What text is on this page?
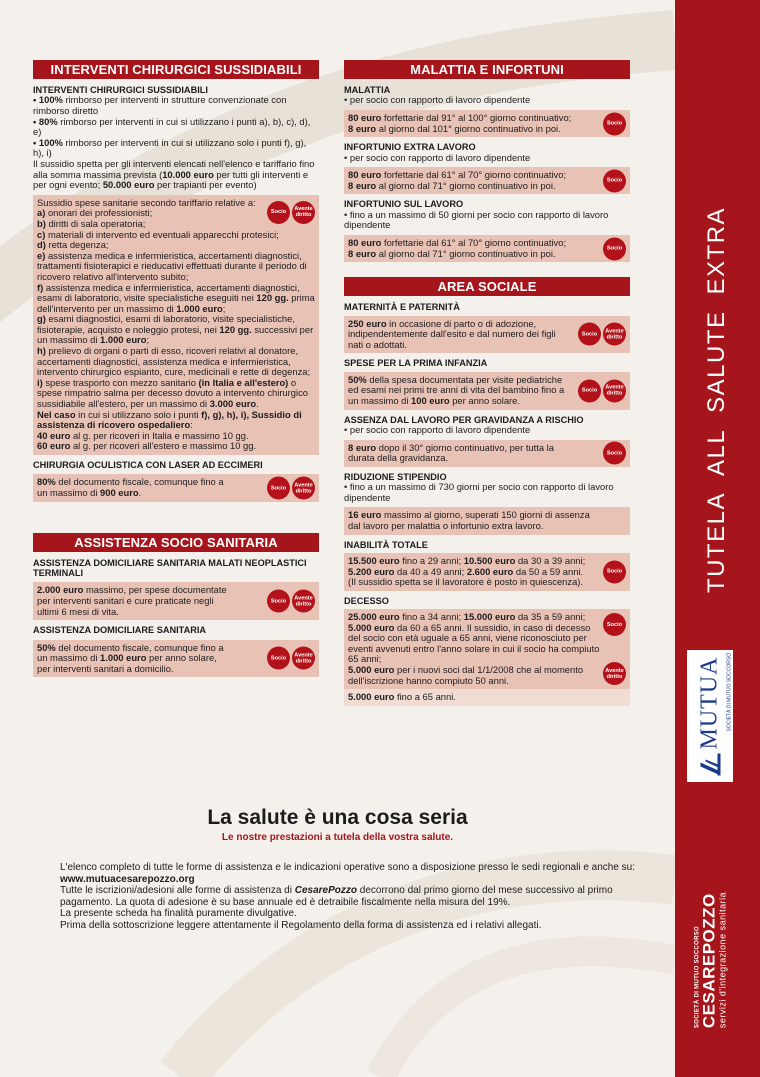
INTERVENTI CHIRURGICI SUSSIDIABILI
INTERVENTI CHIRURGICI SUSSIDIABILI
• 100% rimborso per interventi in strutture convenzionate con rimborso diretto
• 80% rimborso per interventi in cui si utilizzano i punti a), b), c), d), e)
• 100% rimborso per interventi in cui si utilizzano solo i punti f), g), h), i)
Il sussidio spetta per gli interventi elencati nell'elenco e tariffario fino alla somma massima prevista (10.000 euro per tutti gli interventi e per ogni evento; 50.000 euro per trapianti per evento)
Socio	Avente
diritto
Sussidio spese sanitarie secondo tariffario relative a:
a) onorari dei professionisti;
b) diritti di sala operatoria;
c) materiali di intervento ed eventuali apparecchi protesici;
d) retta degenza;
e) assistenza medica e infermieristica, accertamenti diagnostici, trattamenti fisioterapici e rieducativi effettuati durante il periodo di ricovero relativo all'intervento subito;
f) assistenza medica e infermieristica, accertamenti diagnostici, esami di laboratorio, visite specialistiche eseguiti nei 120 gg. prima dell'intervento per un massimo di 1.000 euro;
g) esami diagnostici, esami di laboratorio, visite specialistiche, fisioterapie, acquisto e noleggio protesi, nei 120 gg. successivi per un massimo di 1.000 euro;
h) prelievo di organi o parti di esso, ricoveri relativi al donatore, accertamenti diagnostici, assistenza medica e infermieristica, intervento chirurgico espianto, cure, medicinali e rette di degenza;
i) spese trasporto con mezzo sanitario (in Italia e all'estero) o spese rimpatrio salma per decesso dovuto a intervento chirurgico sussidiabile all'estero, per un massimo di 3.000 euro.
Nel caso in cui si utilizzano solo i punti f), g), h), i), Sussidio di assistenza di ricovero ospedaliero:
40 euro al g. per ricoveri in Italia e massimo 10 gg.
60 euro al g. per ricoveri all'estero e massimo 10 gg.
CHIRURGIA OCULISTICA CON LASER AD ECCIMERI
Socio	Avente
diritto
80% del documento fiscale, comunque fino a un massimo di 900 euro.
ASSISTENZA SOCIO SANITARIA
ASSISTENZA DOMICILIARE SANITARIA MALATI NEOPLASTICI TERMINALI
Socio	Avente
diritto
2.000 euro massimo, per spese documentate per interventi sanitari e cure praticate negli ultimi 6 mesi di vita.
ASSISTENZA DOMICILIARE SANITARIA
Socio	Avente
diritto
50% del documento fiscale, comunque fino a un massimo di 1.000 euro per anno solare, per interventi sanitari a domicilio.
MALATTIA E INFORTUNI
MALATTIA
• per socio con rapporto di lavoro dipendente
Socio
80 euro forfettarie dal 91° al 100° giorno continuativo;
8 euro al giorno dal 101° giorno continuativo in poi.
INFORTUNIO EXTRA LAVORO
• per socio con rapporto di lavoro dipendente
Socio
80 euro forfettarie dal 61° al 70° giorno continuativo;
8 euro al giorno dal 71° giorno continuativo in poi.
INFORTUNIO SUL LAVORO
• fino a un massimo di 50 giorni per socio con rapporto di lavoro dipendente
Socio
80 euro forfettarie dal 61° al 70° giorno continuativo;
8 euro al giorno dal 71° giorno continuativo in poi.
AREA SOCIALE
MATERNITÀ E PATERNITÀ
Socio	Avente
diritto
250 euro in occasione di parto o di adozione, indipendentemente dall'esito e dal numero dei figli nati o adottati.
SPESE PER LA PRIMA INFANZIA
Socio	Avente
diritto
50% della spesa documentata per visite pediatriche ed esami nei primi tre anni di vita del bambino fino a un massimo di 100 euro per anno solare.
ASSENZA DAL LAVORO PER GRAVIDANZA A RISCHIO
• per socio con rapporto di lavoro dipendente
Socio
8 euro dopo il 30° giorno continuativo, per tutta la durata della gravidanza.
RIDUZIONE STIPENDIO
• fino a un massimo di 730 giorni per socio con rapporto di lavoro dipendente
16 euro massimo al giorno, superati 150 giorni di assenza dal lavoro per malattia o infortunio extra lavoro.
INABILITÀ TOTALE
Socio
15.500 euro fino a 29 anni; 10.500 euro da 30 a 39 anni;
5.200 euro da 40 a 49 anni; 2.600 euro da 50 a 59 anni.
(Il sussidio spetta se il lavoratore è posto in quiescenza).
DECESSO
Socio
Avente
diritto
25.000 euro fino a 34 anni; 15.000 euro da 35 a 59 anni;
5.000 euro da 60 a 65 anni. Il sussidio, in caso di decesso del socio con età uguale a 65 anni, viene riconosciuto per eventi avvenuti entro l'anno solare in cui il socio ha compiuto 65 anni;
5.000 euro per i nuovi soci dal 1/1/2008 che al momento dell'iscrizione hanno compiuto 50 anni.
5.000 euro fino a 65 anni.
La salute è una cosa seria
Le nostre prestazioni a tutela della vostra salute.
L'elenco completo di tutte le forme di assistenza e le indicazioni operative sono a disposizione presso le sedi regionali e anche su: www.mutuacesarepozzo.org
Tutte le iscrizioni/adesioni alle forme di assistenza di CesarePozzo decorrono dal primo giorno del mese successivo al primo pagamento. La quota di adesione è su base annuale ed è detraibile fiscalmente nella misura del 19%.
La presente scheda ha finalità puramente divulgative.
Prima della sottoscrizione leggere attentamente il Regolamento della forma di assistenza ed i relativi allegati.
TUTELAALLSALUTEEXTRA
MUTUA SOCIETÀ DI MUTUO SOCCORSO
SOCIETÀ DI MUTUO SOCCORSO CESAREPOZZO servizi d'integrazione sanitaria
